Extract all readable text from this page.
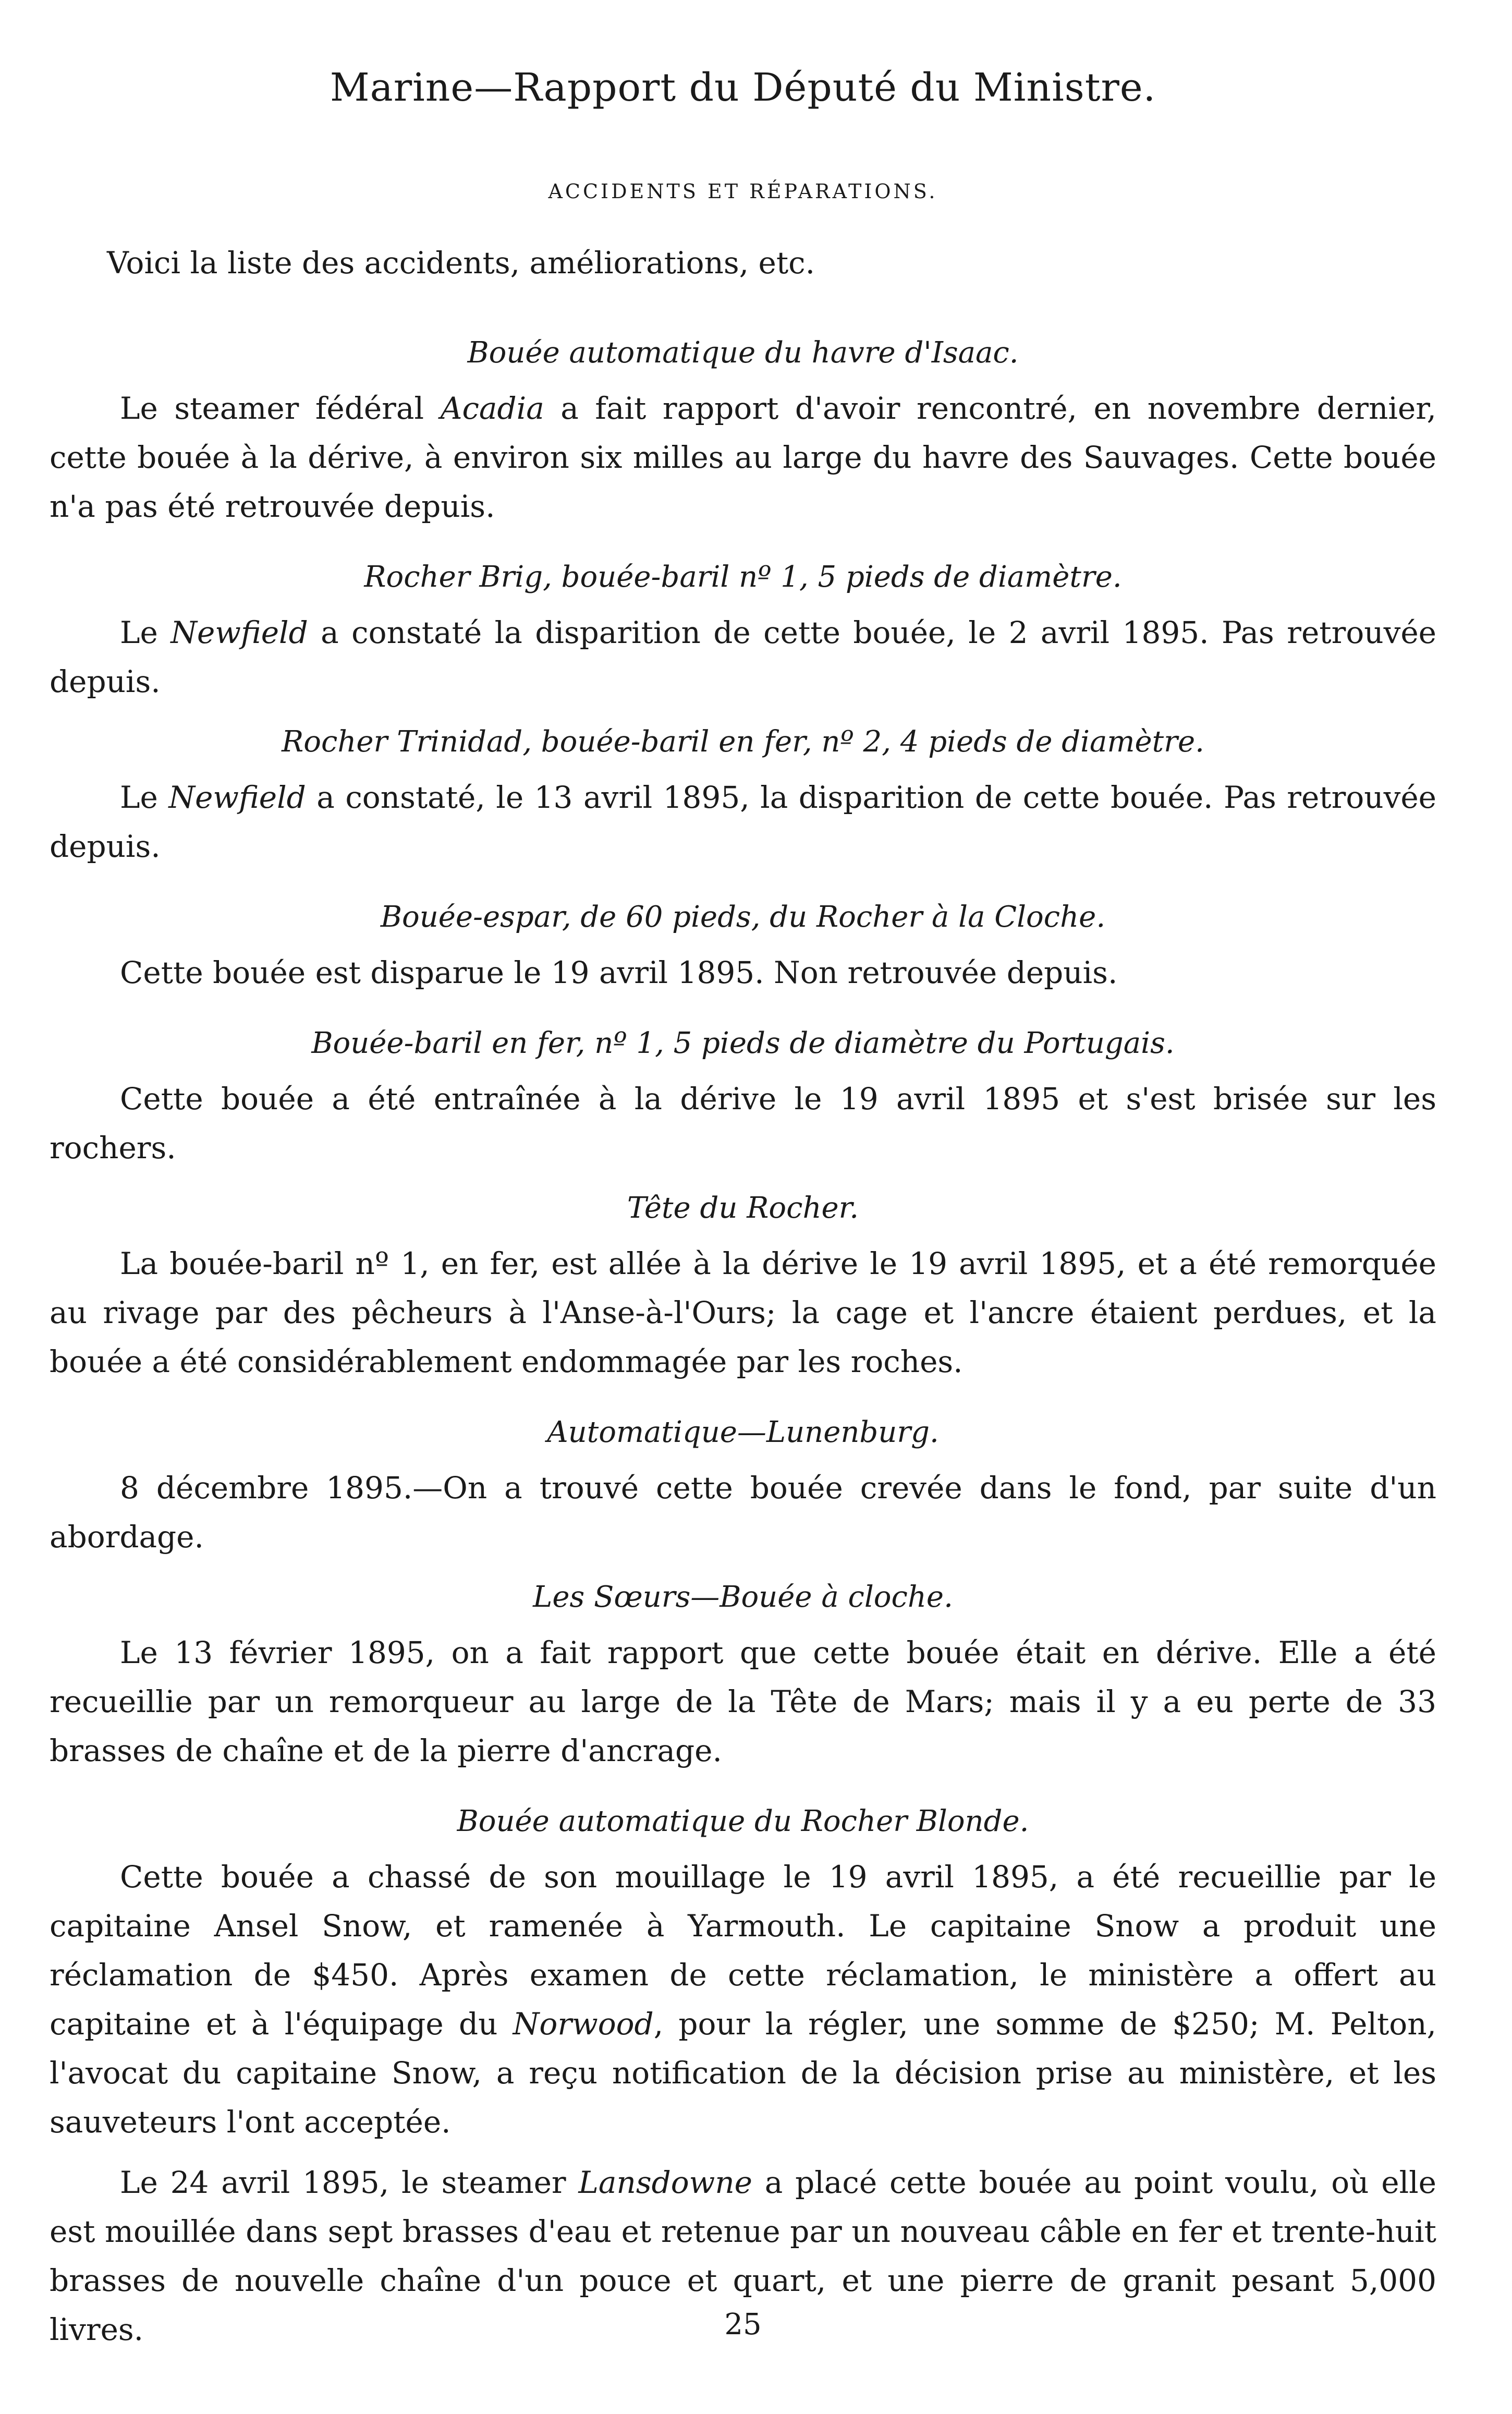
Marine—Rapport du Député du Ministre.
ACCIDENTS ET RÉPARATIONS.
Voici la liste des accidents, améliorations, etc.
Bouée automatique du havre d'Isaac.
Le steamer fédéral Acadia a fait rapport d'avoir rencontré, en novembre dernier, cette bouée à la dérive, à environ six milles au large du havre des Sauvages. Cette bouée n'a pas été retrouvée depuis.
Rocher Brig, bouée-baril nº 1, 5 pieds de diamètre.
Le Newfield a constaté la disparition de cette bouée, le 2 avril 1895. Pas retrouvée depuis.
Rocher Trinidad, bouée-baril en fer, nº 2, 4 pieds de diamètre.
Le Newfield a constaté, le 13 avril 1895, la disparition de cette bouée. Pas retrouvée depuis.
Bouée-espar, de 60 pieds, du Rocher à la Cloche.
Cette bouée est disparue le 19 avril 1895. Non retrouvée depuis.
Bouée-baril en fer, nº 1, 5 pieds de diamètre du Portugais.
Cette bouée a été entraînée à la dérive le 19 avril 1895 et s'est brisée sur les rochers.
Tête du Rocher.
La bouée-baril nº 1, en fer, est allée à la dérive le 19 avril 1895, et a été remorquée au rivage par des pêcheurs à l'Anse-à-l'Ours; la cage et l'ancre étaient perdues, et la bouée a été considérablement endommagée par les roches.
Automatique—Lunenburg.
8 décembre 1895.—On a trouvé cette bouée crevée dans le fond, par suite d'un abordage.
Les Sœurs—Bouée à cloche.
Le 13 février 1895, on a fait rapport que cette bouée était en dérive. Elle a été recueillie par un remorqueur au large de la Tête de Mars; mais il y a eu perte de 33 brasses de chaîne et de la pierre d'ancrage.
Bouée automatique du Rocher Blonde.
Cette bouée a chassé de son mouillage le 19 avril 1895, a été recueillie par le capitaine Ansel Snow, et ramenée à Yarmouth. Le capitaine Snow a produit une réclamation de $450. Après examen de cette réclamation, le ministère a offert au capitaine et à l'équipage du Norwood, pour la régler, une somme de $250; M. Pelton, l'avocat du capitaine Snow, a reçu notification de la décision prise au ministère, et les sauveteurs l'ont acceptée.
Le 24 avril 1895, le steamer Lansdowne a placé cette bouée au point voulu, où elle est mouillée dans sept brasses d'eau et retenue par un nouveau câble en fer et trente-huit brasses de nouvelle chaîne d'un pouce et quart, et une pierre de granit pesant 5,000 livres.	25
